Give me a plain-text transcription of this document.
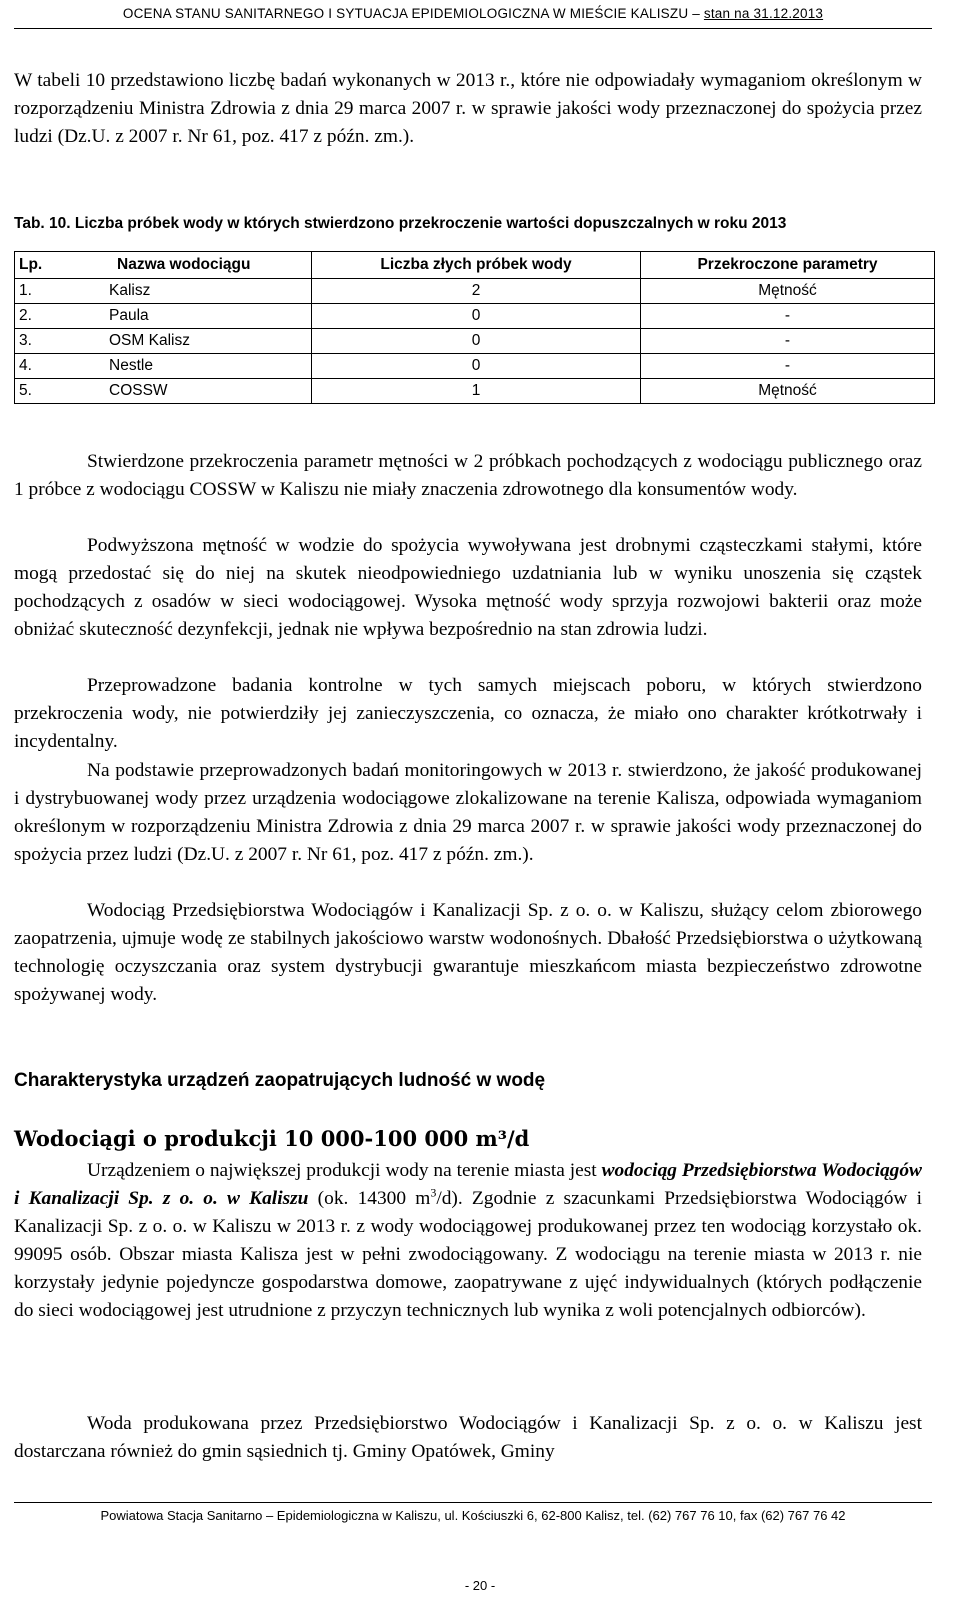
OCENA STANU SANITARNEGO I SYTUACJA EPIDEMIOLOGICZNA W MIEŚCIE KALISZU – stan na 31.12.2013

W tabeli 10 przedstawiono liczbę badań wykonanych w 2013 r., które nie odpowiadały wymaganiom określonym w rozporządzeniu Ministra Zdrowia z dnia 29 marca 2007 r. w sprawie jakości wody przeznaczonej do spożycia przez ludzi (Dz.U. z 2007 r. Nr 61, poz. 417 z późn. zm.).

Tab. 10. Liczba próbek wody w których stwierdzono przekroczenie wartości dopuszczalnych w roku 2013
Lp.	Nazwa wodociągu	Liczba złych próbek wody	Przekroczone parametry
1.	Kalisz	2	Mętność
2.	Paula	0	-
3.	OSM Kalisz	0	-
4.	Nestle	0	-
5.	COSSW	1	Mętność

Stwierdzone przekroczenia parametr mętności w 2 próbkach pochodzących z wodociągu publicznego oraz 1 próbce z wodociągu COSSW w Kaliszu nie miały znaczenia zdrowotnego dla konsumentów wody.

Podwyższona mętność w wodzie do spożycia wywoływana jest drobnymi cząsteczkami stałymi, które mogą przedostać się do niej na skutek nieodpowiedniego uzdatniania lub w wyniku unoszenia się cząstek pochodzących z osadów w sieci wodociągowej. Wysoka mętność wody sprzyja rozwojowi bakterii oraz może obniżać skuteczność dezynfekcji, jednak nie wpływa bezpośrednio na stan zdrowia ludzi.

Przeprowadzone badania kontrolne w tych samych miejscach poboru, w których stwierdzono przekroczenia wody, nie potwierdziły jej zanieczyszczenia, co oznacza, że miało ono charakter krótkotrwały i incydentalny.

Na podstawie przeprowadzonych badań monitoringowych w 2013 r. stwierdzono, że jakość produkowanej i dystrybuowanej wody przez urządzenia wodociągowe zlokalizowane na terenie Kalisza, odpowiada wymaganiom określonym w rozporządzeniu Ministra Zdrowia z dnia 29 marca 2007 r. w sprawie jakości wody przeznaczonej do spożycia przez ludzi (Dz.U. z 2007 r. Nr 61, poz. 417 z późn. zm.).

Wodociąg Przedsiębiorstwa Wodociągów i Kanalizacji Sp. z o. o. w Kaliszu, służący celom zbiorowego zaopatrzenia, ujmuje wodę ze stabilnych jakościowo warstw wodonośnych. Dbałość Przedsiębiorstwa o użytkowaną technologię oczyszczania oraz system dystrybucji gwarantuje mieszkańcom miasta bezpieczeństwo zdrowotne spożywanej wody.

Charakterystyka urządzeń zaopatrujących ludność w wodę
Wodociągi o produkcji 10 000-100 000 m³/d

Urządzeniem o największej produkcji wody na terenie miasta jest wodociąg Przedsiębiorstwa Wodociągów i Kanalizacji Sp. z o. o. w Kaliszu (ok. 14300 $m^3/d$). Zgodnie z szacunkami Przedsiębiorstwa Wodociągów i Kanalizacji Sp. z o. o. w Kaliszu w 2013 r. z wody wodociągowej produkowanej przez ten wodociąg korzystało ok. 99095 osób. Obszar miasta Kalisza jest w pełni zwodociągowany. Z wodociągu na terenie miasta w 2013 r. nie korzystały jedynie pojedyncze gospodarstwa domowe, zaopatrywane z ujęć indywidualnych (których podłączenie do sieci wodociągowej jest utrudnione z przyczyn technicznych lub wynika z woli potencjalnych odbiorców).

Woda produkowana przez Przedsiębiorstwo Wodociągów i Kanalizacji Sp. z o. o. w Kaliszu jest dostarczana również do gmin sąsiednich tj. Gminy Opatówek, Gminy

Powiatowa Stacja Sanitarno – Epidemiologiczna w Kaliszu, ul. Kościuszki 6, 62-800 Kalisz, tel. (62) 767 76 10, fax (62) 767 76 42
- 20 -
